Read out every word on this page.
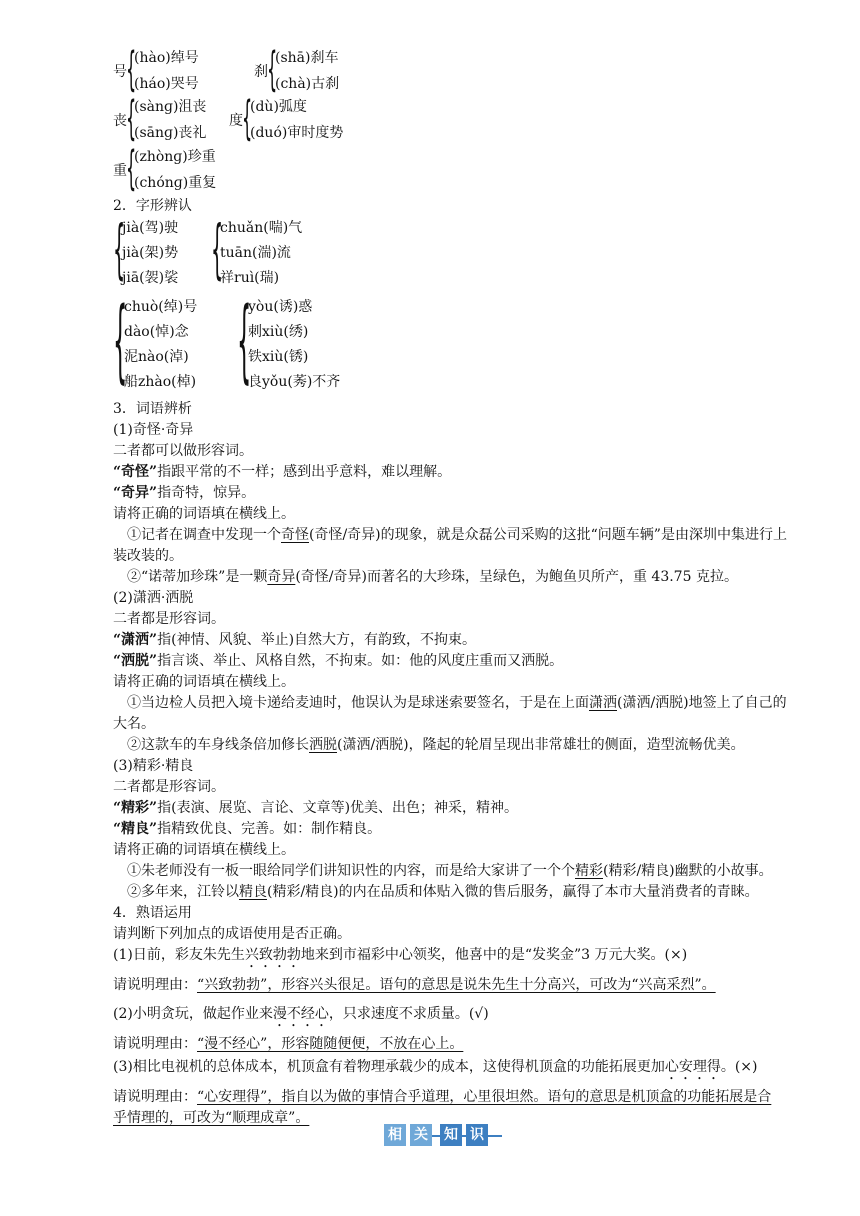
号 {
(hào)绰号
(háo)哭号
刹 {
(shā)刹车
(chà)古刹
丧 {
(sànɡ)沮丧
(sānɡ)丧礼
度 {
(dù)弧度
(duó)审时度势
重 {
(zhònɡ)珍重
(chónɡ)重复
2．字形辨认
{
jià(驾)驶
jià(架)势
jiā(袈)裟 {
chuǎn(喘)气
tuān(湍)流
祥ruì(瑞)
{
chuò(绰)号
dào(悼)念
泥nào(淖)
船zhào(棹) {
yòu(诱)惑
刺xiù(绣)
铁xiù(锈)
良yǒu(莠)不齐

3．词语辨析

(1)奇怪·奇异

二者都可以做形容词。

“奇怪”指跟平常的不一样；感到出乎意料，难以理解。

“奇异”指奇特，惊异。

请将正确的词语填在横线上。

①记者在调查中发现一个奇怪(奇怪/奇异)的现象，就是众磊公司采购的这批“问题车辆”是由深圳中集进行上装改装的。

②“诺蒂加珍珠”是一颗奇异(奇怪/奇异)而著名的大珍珠，呈绿色，为鲍鱼贝所产，重 43.75 克拉。

(2)潇洒·洒脱

二者都是形容词。

“潇洒”指(神情、风貌、举止)自然大方，有韵致，不拘束。

“洒脱”指言谈、举止、风格自然，不拘束。如：他的风度庄重而又洒脱。

请将正确的词语填在横线上。

①当边检人员把入境卡递给麦迪时，他误认为是球迷索要签名，于是在上面潇洒(潇洒/洒脱)地签上了自己的大名。

②这款车的车身线条倍加修长洒脱(潇洒/洒脱)，隆起的轮眉呈现出非常雄壮的侧面，造型流畅优美。

(3)精彩·精良

二者都是形容词。

“精彩”指(表演、展览、言论、文章等)优美、出色；神采，精神。

“精良”指精致优良、完善。如：制作精良。

请将正确的词语填在横线上。

①朱老师没有一板一眼给同学们讲知识性的内容，而是给大家讲了一个个精彩(精彩/精良)幽默的小故事。

②多年来，江铃以精良(精彩/精良)的内在品质和体贴入微的售后服务，赢得了本市大量消费者的青睐。

4．熟语运用

请判断下列加点的成语使用是否正确。

(1)日前，彩友朱先生兴致勃勃地来到市福彩中心领奖，他喜中的是“发奖金”3 万元大奖。(×)

请说明理由：“兴致勃勃”，形容兴头很足。语句的意思是说朱先生十分高兴，可改为“兴高采烈”。

(2)小明贪玩，做起作业来漫不经心，只求速度不求质量。(√)

请说明理由：“漫不经心”，形容随随便便，不放在心上。

(3)相比电视机的总体成本，机顶盒有着物理承载少的成本，这使得机顶盒的功能拓展更加心安理得。(×)

请说明理由：“心安理得”，指自以为做的事情合乎道理，心里很坦然。语句的意思是机顶盒的功能拓展是合乎情理的，可改为“顺理成章”。

相 关 知 识
